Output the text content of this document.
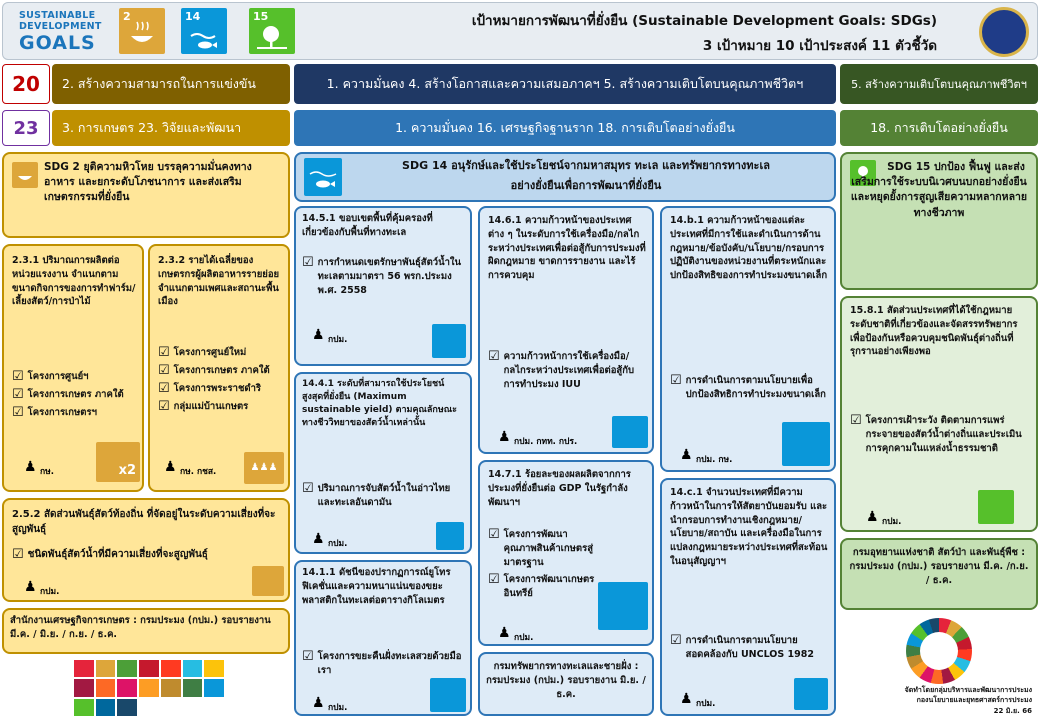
SUSTAINABLE
DEVELOPMENT
GOALS
2	14	15	เป้าหมายการพัฒนาที่ยั่งยืน (Sustainable Development Goals: SDGs)
3 เป้าหมาย 10 เป้าประสงค์ 11 ตัวชี้วัด
20 2. สร้างความสามารถในการแข่งขัน	1. ความมั่นคง 4. สร้างโอกาสและความเสมอภาคฯ 5. สร้างความเติบโตบนคุณภาพชีวิตฯ	5. สร้างความเติบโตบนคุณภาพชีวิตฯ
23 3. การเกษตร 23. วิจัยและพัฒนา	1. ความมั่นคง 16. เศรษฐกิจฐานราก 18. การเติบโตอย่างยั่งยืน	18. การเติบโตอย่างยั่งยืน
SDG 2 ยุติความหิวโหย บรรลุความมั่นคงทางอาหาร และยกระดับโภชนาการ และส่งเสริมเกษตรกรรมที่ยั่งยืน
2.3.1 ปริมาณการผลิตต่อหน่วยแรงงาน จำแนกตามขนาดกิจการของการทำฟาร์ม/เลี้ยงสัตว์/การป่าไม้
☑ โครงการศูนย์ฯ
☑ โครงการเกษตร ภาคใต้
☑ โครงการเกษตรฯ
♟ กษ.	x2
2.3.2 รายได้เฉลี่ยของเกษตรกรผู้ผลิตอาหารรายย่อย จำแนกตามเพศและสถานะพื้นเมือง
☑ โครงการศูนย์ใหม่
☑ โครงการเกษตร ภาคใต้
☑ โครงการพระราชดำริ
☑ กลุ่มแม่บ้านเกษตร
♟ กษ. กชส.	♟♟♟
2.5.2 สัดส่วนพันธุ์สัตว์ท้องถิ่น ที่จัดอยู่ในระดับความเสี่ยงที่จะสูญพันธุ์
☑ ชนิดพันธุ์สัตว์น้ำที่มีความเสี่ยงที่จะสูญพันธุ์
♟ กปม.
สำนักงานเศรษฐกิจการเกษตร : กรมประมง (กปม.) รอบรายงาน มี.ค. / มิ.ย. / ก.ย. / ธ.ค.
SDG 14 อนุรักษ์และใช้ประโยชน์จากมหาสมุทร ทะเล และทรัพยากรทางทะเล
อย่างยั่งยืนเพื่อการพัฒนาที่ยั่งยืน
14.5.1 ขอบเขตพื้นที่คุ้มครองที่เกี่ยวข้องกับพื้นที่ทางทะเล
☑ การกำหนดเขตรักษาพันธุ์สัตว์น้ำในทะเลตามมาตรา 56 พรก.ประมง พ.ศ. 2558
♟ กปม.
14.4.1 ระดับที่สามารถใช้ประโยชน์สูงสุดที่ยั่งยืน (Maximum sustainable yield) ตามคุณลักษณะทางชีววิทยาของสัตว์น้ำเหล่านั้น
☑ ปริมาณการจับสัตว์น้ำในอ่าวไทยและทะเลอันดามัน
♟ กปม.
14.1.1 ดัชนีของปรากฏการณ์ยูโทรฟิเคชั่นและความหนาแน่นของขยะพลาสติกในทะเลต่อตารางกิโลเมตร
☑ โครงการขยะคืนฝั่งทะเลสวยด้วยมือเรา
♟ กปม.
14.6.1 ความก้าวหน้าของประเทศต่าง ๆ ในระดับการใช้เครื่องมือ/กลไกระหว่างประเทศเพื่อต่อสู้กับการประมงที่ผิดกฎหมาย ขาดการรายงาน และไร้การควบคุม
☑ ความก้าวหน้าการใช้เครื่องมือ/กลไกระหว่างประเทศเพื่อต่อสู้กับการทำประมง IUU
♟ กปม. กทท. กปร.
14.7.1 ร้อยละของผลผลิตจากการประมงที่ยั่งยืนต่อ GDP ในรัฐกำลังพัฒนาฯ
☑ โครงการพัฒนาคุณภาพสินค้าเกษตรสู่มาตรฐาน
☑ โครงการพัฒนาเกษตรอินทรีย์
♟ กปม.
กรมทรัพยากรทางทะเลและชายฝั่ง : กรมประมง (กปม.) รอบรายงาน มิ.ย. / ธ.ค.
14.b.1 ความก้าวหน้าของแต่ละประเทศที่มีการใช้และดำเนินการด้านกฎหมาย/ข้อบังคับ/นโยบาย/กรอบการปฏิบัติงานของหน่วยงานที่ตระหนักและปกป้องสิทธิของการทำประมงขนาดเล็ก
☑ การดำเนินการตามนโยบายเพื่อปกป้องสิทธิการทำประมงขนาดเล็ก
♟ กปม. กษ.
14.c.1 จำนวนประเทศที่มีความก้าวหน้าในการให้สัตยาบันยอมรับ และนำกรอบการทำงานเชิงกฎหมาย/นโยบาย/สถาบัน และเครื่องมือในการแปลงกฎหมายระหว่างประเทศที่สะท้อนในอนุสัญญาฯ
☑ การดำเนินการตามนโยบายสอดคล้องกับ UNCLOS 1982
♟ กปม.
SDG 15 ปกป้อง ฟื้นฟู และส่งเสริมการใช้ระบบนิเวศบนบกอย่างยั่งยืน และหยุดยั้งการสูญเสียความหลากหลายทางชีวภาพ
15.8.1 สัดส่วนประเทศที่ได้ใช้กฎหมายระดับชาติที่เกี่ยวข้องและจัดสรรทรัพยากรเพื่อป้องกันหรือควบคุมชนิดพันธุ์ต่างถิ่นที่รุกรานอย่างเพียงพอ
☑ โครงการเฝ้าระวัง ติดตามการแพร่กระจายของสัตว์น้ำต่างถิ่นและประเมินการคุกคามในแหล่งน้ำธรรมชาติ
♟ กปม.
กรมอุทยานแห่งชาติ สัตว์ป่า และพันธุ์พืช : กรมประมง (กปม.) รอบรายงาน มี.ค. /ก.ย. / ธ.ค.
จัดทำโดยกลุ่มบริหารและพัฒนาการประมง
กองนโยบายและยุทธศาสตร์การประมง
22 มิ.ย. 66
